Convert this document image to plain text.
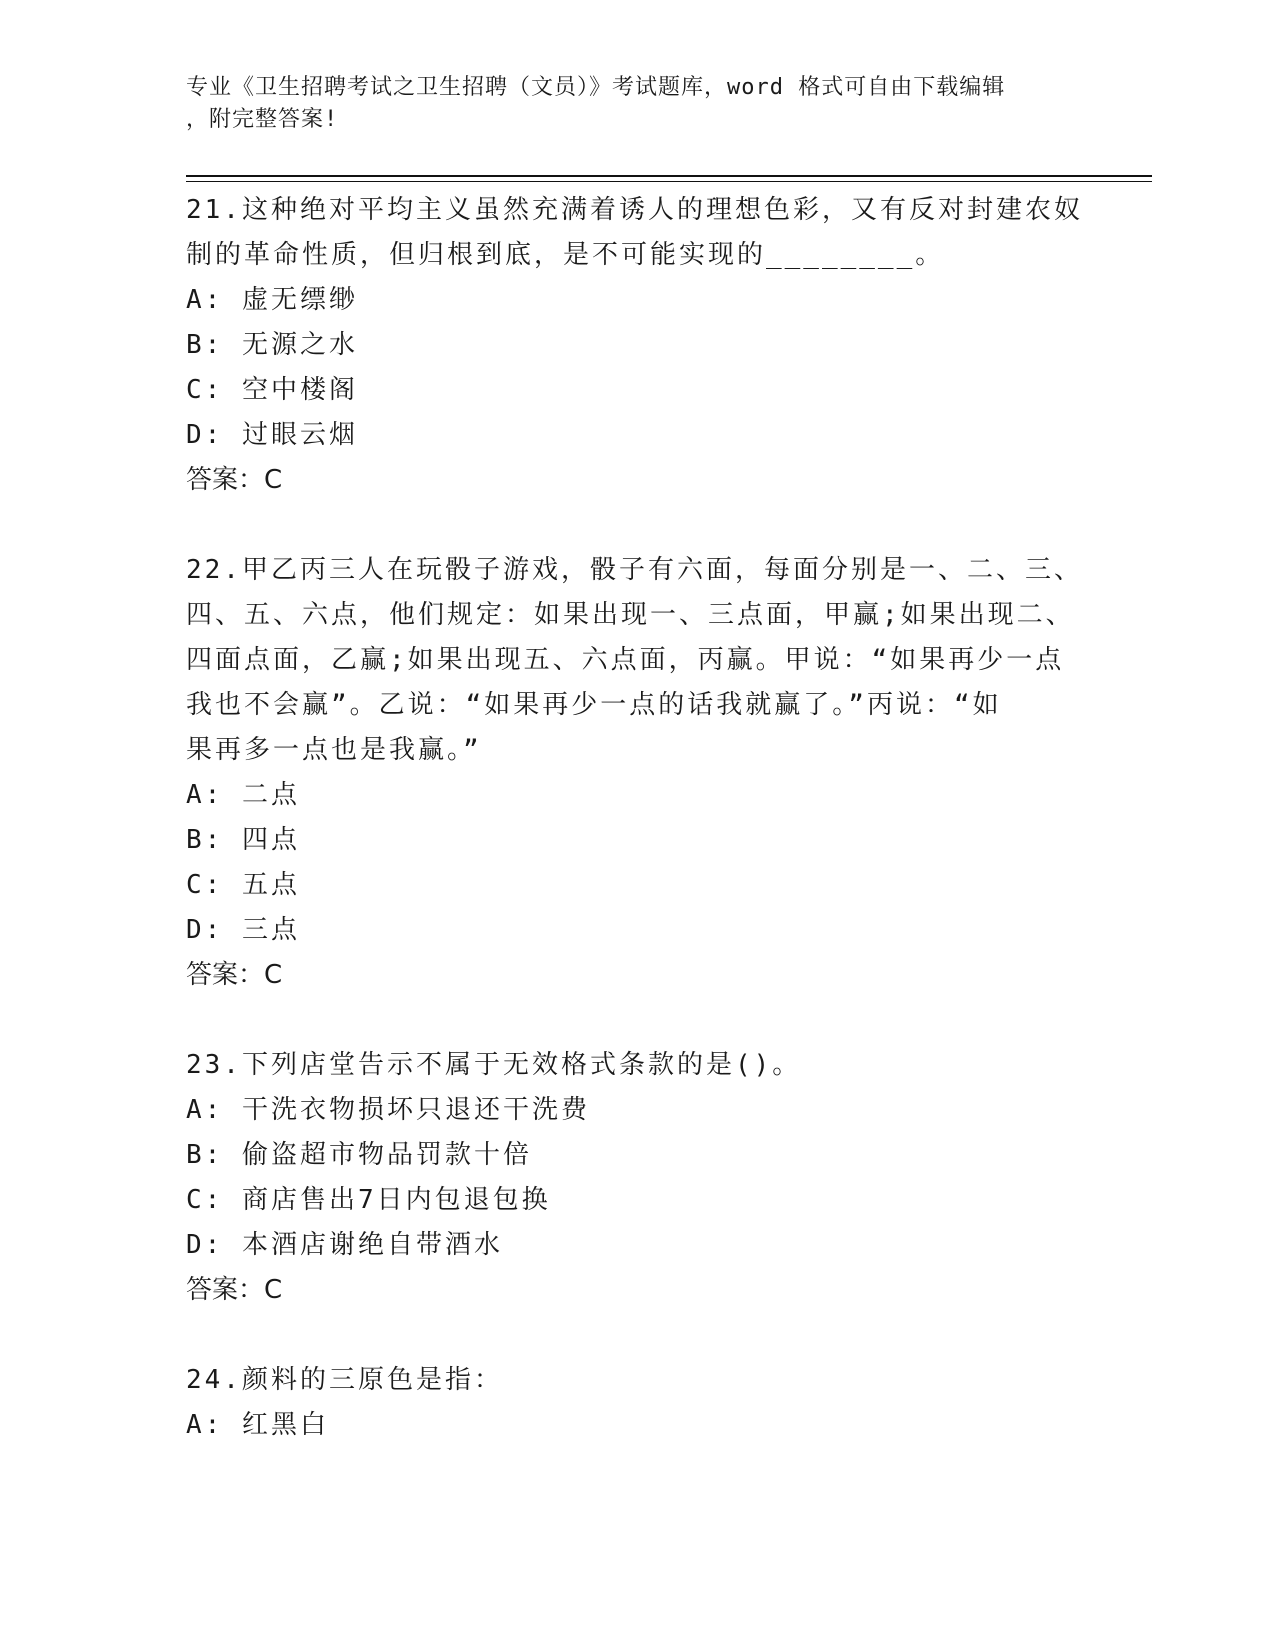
专业《卫生招聘考试之卫生招聘（文员）》考试题库，word 格式可自由下载编辑
，附完整答案!
21.这种绝对平均主义虽然充满着诱人的理想色彩，又有反对封建农奴
制的革命性质，但归根到底，是不可能实现的________。
A: 虚无缥缈
B: 无源之水
C: 空中楼阁
D: 过眼云烟
答案：C
22.甲乙丙三人在玩骰子游戏，骰子有六面，每面分别是一、二、三、
四、五、六点，他们规定：如果出现一、三点面，甲赢;如果出现二、
四面点面，乙赢;如果出现五、六点面，丙赢。甲说：“如果再少一点
我也不会赢”。乙说：“如果再少一点的话我就赢了。”丙说：“如
果再多一点也是我赢。”
A: 二点
B: 四点
C: 五点
D: 三点
答案：C
23.下列店堂告示不属于无效格式条款的是()。
A: 干洗衣物损坏只退还干洗费
B: 偷盗超市物品罚款十倍
C: 商店售出7日内包退包换
D: 本酒店谢绝自带酒水
答案：C
24.颜料的三原色是指：
A: 红黑白
